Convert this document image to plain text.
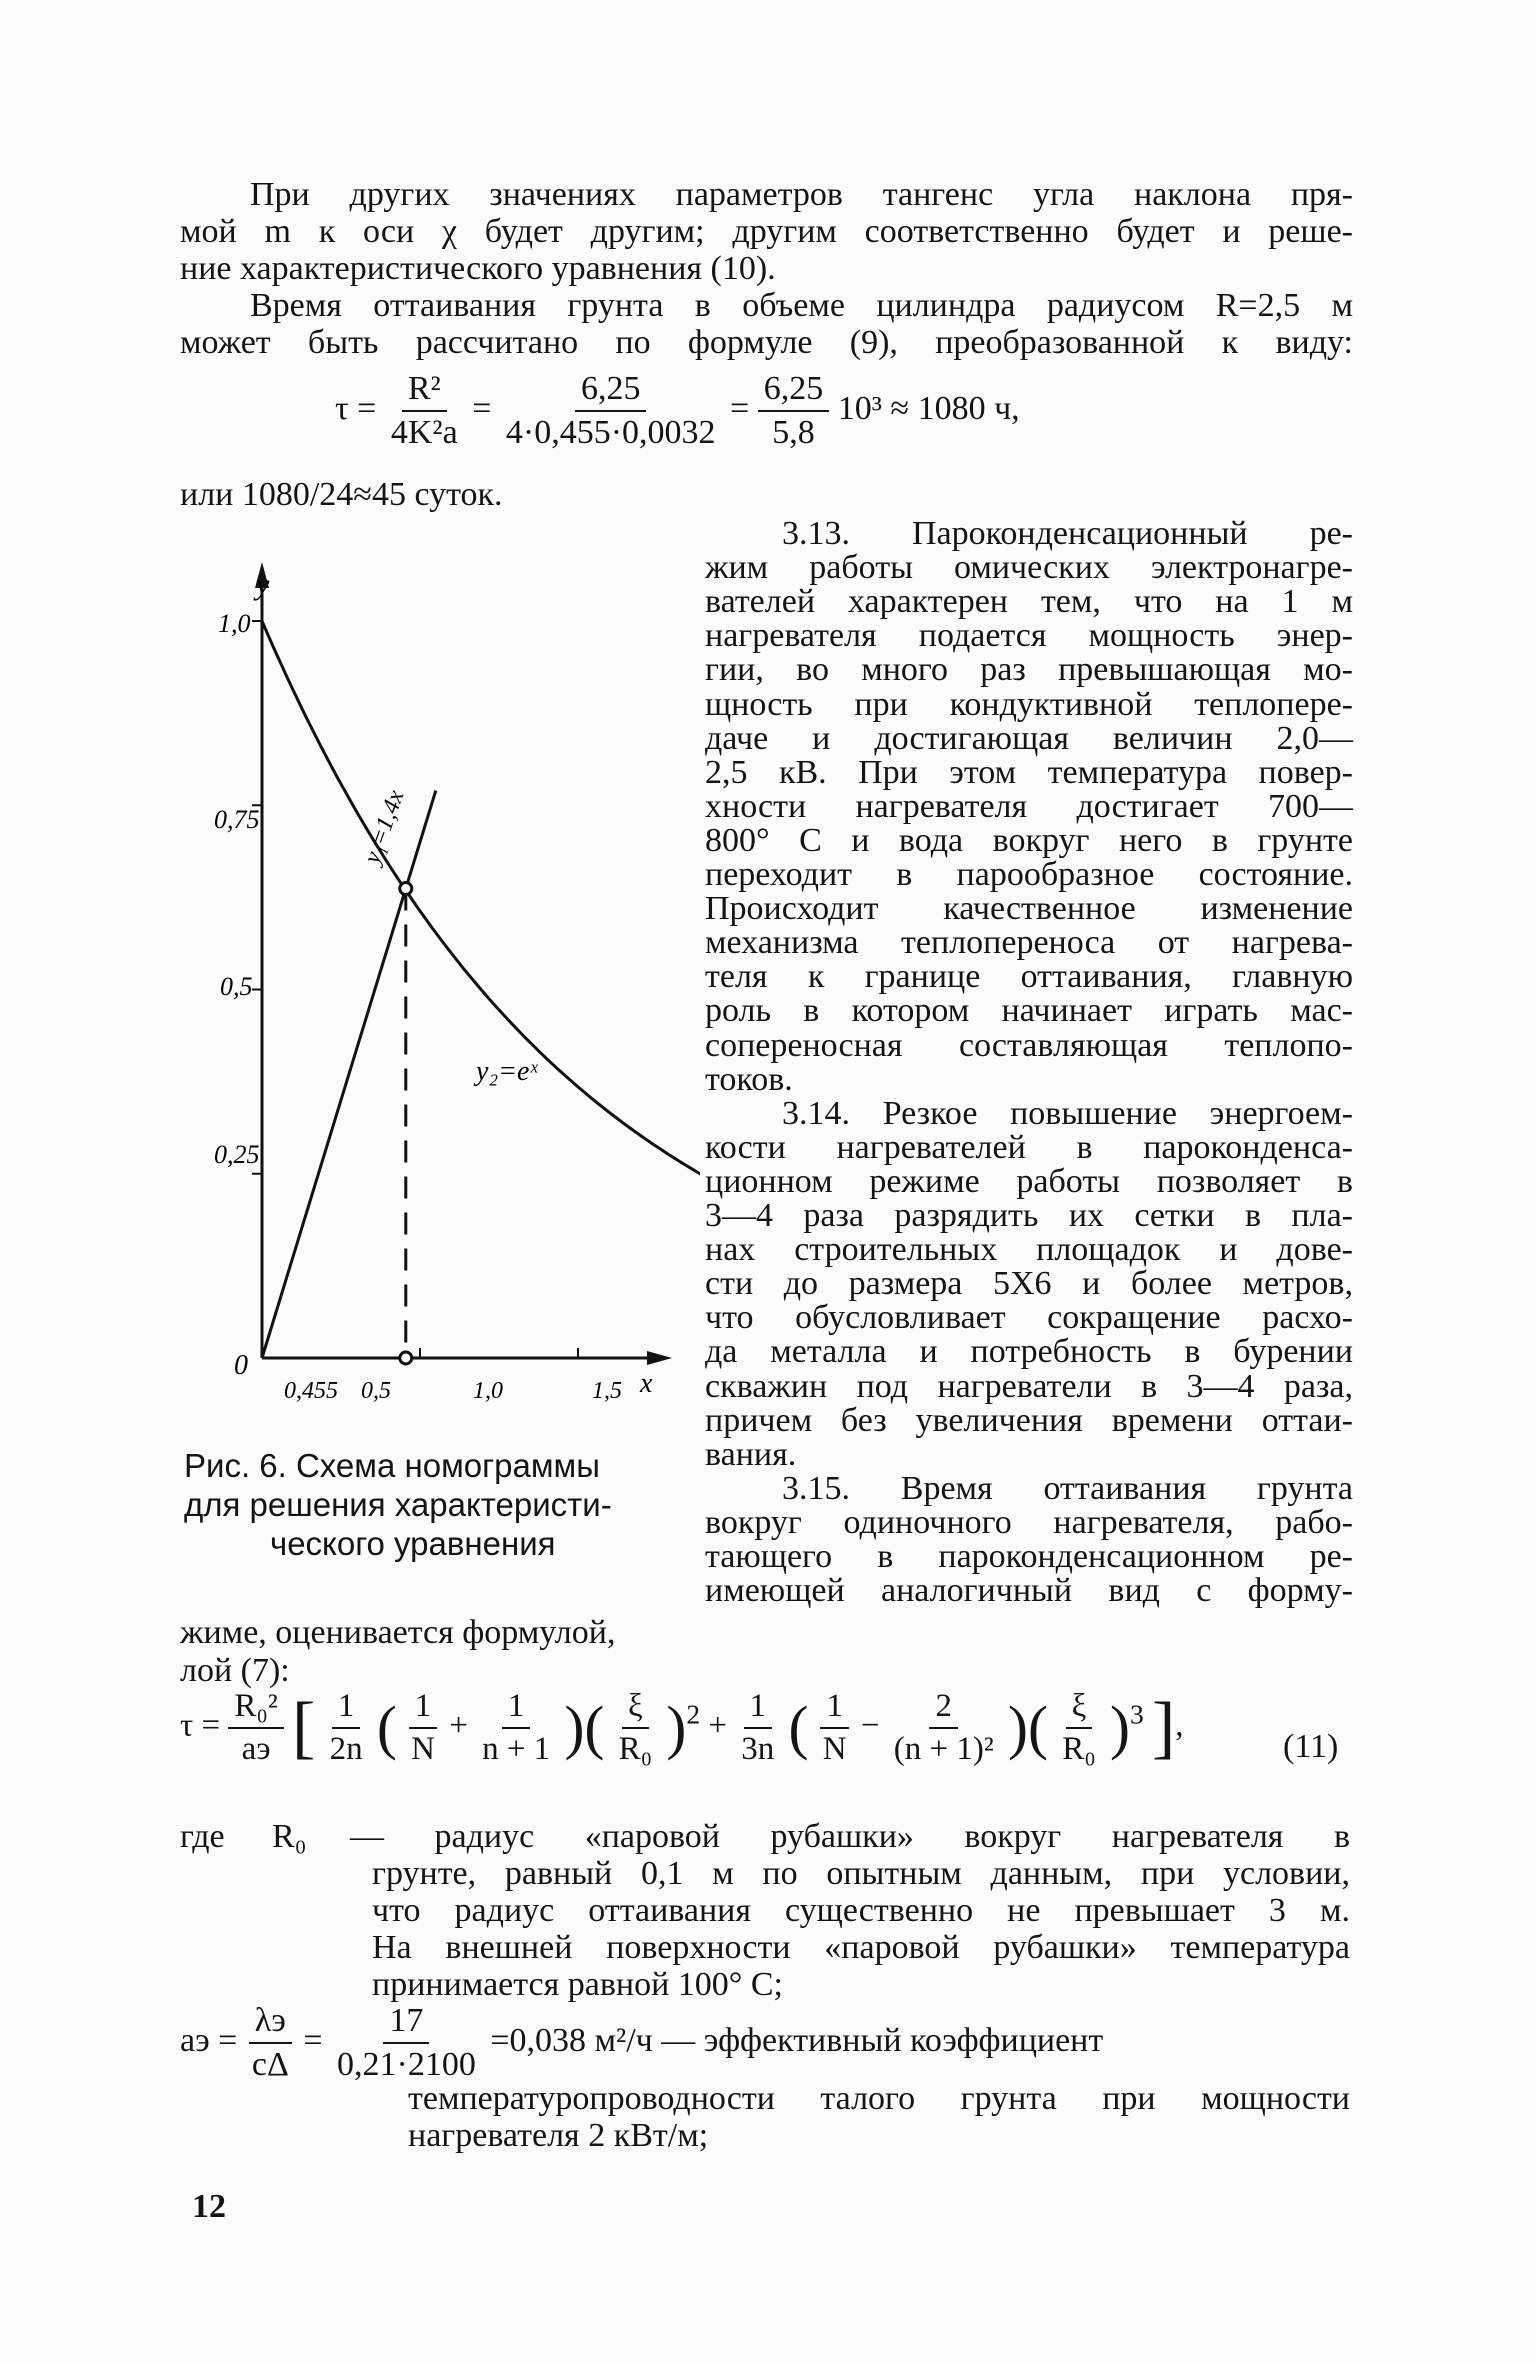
При других значениях параметров тангенс угла наклона пря-
мой m к оси χ будет другим; другим соответственно будет и реше-
ние характеристического уравнения (10).
Время оттаивания грунта в объеме цилиндра радиусом R=2,5 м
может быть рассчитано по формуле (9), преобразованной к виду:
$\tau = \frac{\text{R²}}{\text{4K²a}} = \frac{6,25}{4\cdot 0,455\cdot 0,0032} = \frac{6,25}{5,8} 10^3 \approx 1080$ ч,
или 1080/24≈45 суток.
3.13. Пароконденсационный ре-
жим работы омических электронагре-
вателей характерен тем, что на 1 м
нагревателя подается мощность энер-
гии, во много раз превышающая мо-
щность при кондуктивной теплопере-
даче и достигающая величин 2,0—
2,5 кВ. При этом температура повер-
хности нагревателя достигает 700—
800° С и вода вокруг него в грунте
переходит в парообразное состояние.
Происходит качественное изменение
механизма теплопереноса от нагрева-
теля к границе оттаивания, главную
роль в котором начинает играть мас-
сопереносная составляющая теплопо-
токов.
3.14. Резкое повышение энергоем-
кости нагревателей в пароконденса-
ционном режиме работы позволяет в
3—4 раза разрядить их сетки в пла-
нах строительных площадок и дове-
сти до размера 5Х6 и более метров,
что обусловливает сокращение расхо-
да металла и потребность в бурении
скважин под нагреватели в 3—4 раза,
причем без увеличения времени оттаи-
вания.
3.15. Время оттаивания грунта
вокруг одиночного нагревателя, рабо-
тающего в пароконденсационном ре-
имеющей аналогичный вид с форму-
y
x
1,0
0,75
0,5
0,25
0
0,455 0,5	1,0	1,5
y₁=1,4x
y₂=eˣ
Рис. 6. Схема номограммы
для решения характеристи-
ческого уравнения
жиме, оценивается формулой,
лой (7):
$\tau = \frac{\text{R₀²}}{aэ}$ [ $\frac{1}{2n}$ ( $\frac{1}{N} + \frac{1}{n + 1}$ )( $\frac{\xi}{\text{R₀}} )^2 + \frac{1}{3n}$ ( $\frac{1}{N} - \frac{2}{\text{(n + 1)²}}$ )( $\frac{\xi}{\text{R₀}} )^3$ ],
(11)
где R₀ — радиус «паровой рубашки» вокруг нагревателя в
грунте, равный 0,1 м по опытным данным, при условии,
что радиус оттаивания существенно не превышает 3 м.
На внешней поверхности «паровой рубашки» температура
принимается равной 100° С;
aэ = $\frac{\lambda э}{c\Delta} = \frac{17}{0,21\cdot 2100} =0,038$ м²/ч — эффективный коэффициент
температуропроводности талого грунта при мощности
нагревателя 2 кВт/м;
12
